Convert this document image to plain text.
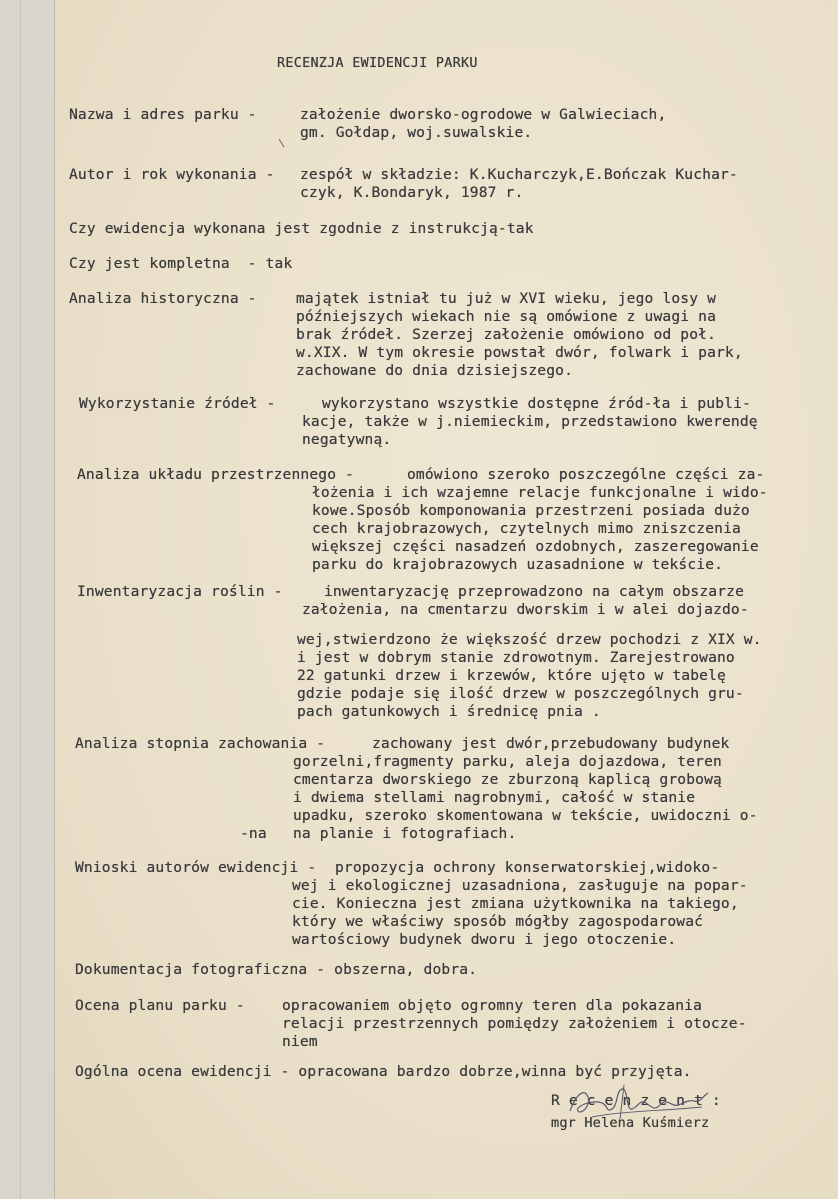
RECENZJA EWIDENCJI PARKU
Nazwa i adres parku -	założenie dworsko-ogrodowe w Galwieciach,
gm. Gołdap, woj.suwalskie.
Autor i rok wykonania - zespół w składzie: K.Kucharczyk,E.Bończak Kuchar-
czyk, K.Bondaryk, 1987 r.
Czy ewidencja wykonana jest zgodnie z instrukcją-tak
Czy jest kompletna  - tak
Analiza historyczna -	majątek istniał tu już w XVI wieku, jego losy w
późniejszych wiekach nie są omówione z uwagi na
brak źródeł. Szerzej założenie omówiono od poł.
w.XIX. W tym okresie powstał dwór, folwark i park,
zachowane do dnia dzisiejszego.
Wykorzystanie źródeł -	wykorzystano wszystkie dostępne źród-ła i publi-
kacje, także w j.niemieckim, przedstawiono kwerendę
negatywną.
Analiza układu przestrzennego -	omówiono szeroko poszczególne części za-
łożenia i ich wzajemne relacje funkcjonalne i wido-
kowe.Sposób komponowania przestrzeni posiada dużo
cech krajobrazowych, czytelnych mimo zniszczenia
większej części nasadzeń ozdobnych, zaszeregowanie
parku do krajobrazowych uzasadnione w tekście.
Inwentaryzacja roślin -	inwentaryzację przeprowadzono na całym obszarze
założenia, na cmentarzu dworskim i w alei dojazdo-
wej,stwierdzono że większość drzew pochodzi z XIX w.
i jest w dobrym stanie zdrowotnym. Zarejestrowano
22 gatunki drzew i krzewów, które ujęto w tabelę
gdzie podaje się ilość drzew w poszczególnych gru-
pach gatunkowych i średnicę pnia .
Analiza stopnia zachowania -	zachowany jest dwór,przebudowany budynek
gorzelni,fragmenty parku, aleja dojazdowa, teren
cmentarza dworskiego ze zburzoną kaplicą grobową
i dwiema stellami nagrobnymi, całość w stanie
upadku, szeroko skomentowana w tekście, uwidoczni o-
-na na planie i fotografiach.
Wnioski autorów ewidencji - propozycja ochrony konserwatorskiej,widoko-
wej i ekologicznej uzasadniona, zasługuje na popar-
cie. Konieczna jest zmiana użytkownika na takiego,
który we właściwy sposób mógłby zagospodarować
wartościowy budynek dworu i jego otoczenie.
Dokumentacja fotograficzna - obszerna, dobra.
Ocena planu parku -	opracowaniem objęto ogromny teren dla pokazania
relacji przestrzennych pomiędzy założeniem i otocze-
niem
Ogólna ocena ewidencji - opracowana bardzo dobrze,winna być przyjęta.
R e c e n z e n t :
mgr Helena Kuśmierz
